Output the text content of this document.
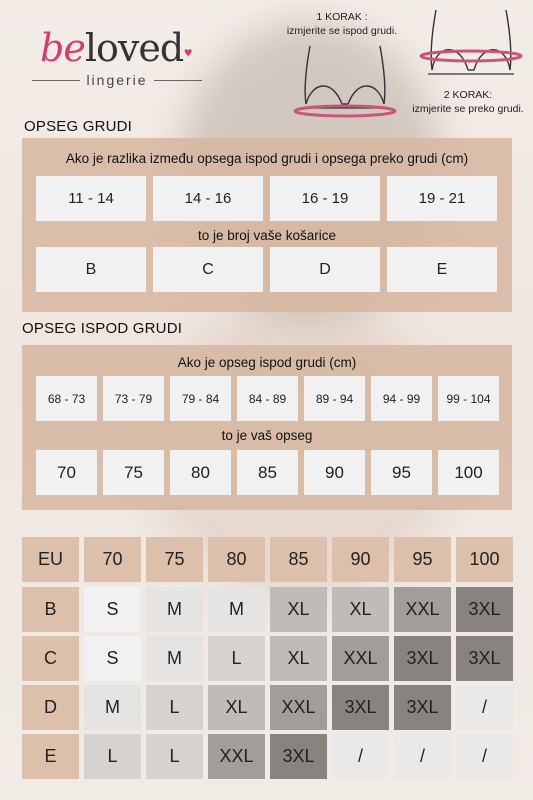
beloved ♥
lingerie
1 KORAK :
izmjerite se ispod grudi.
2 KORAK:
izmjerite se preko grudi.
OPSEG GRUDI
Ako je razlika između opsega ispod grudi i opsega preko grudi (cm)
11 - 14	14 - 16	16 - 19	19 - 21
to je broj vaše košarice
B	C	D	E
OPSEG ISPOD GRUDI
Ako je opseg ispod grudi (cm)
68 - 73	73 - 79	79 - 84	84 - 89	89 - 94	94 - 99	99 - 104
to je vaš opseg
70	75	80	85	90	95	100
EU	70	75	80	85	90	95	100
B	S	M	M	XL	XL	XXL	3XL
C	S	M	L	XL	XXL	3XL	3XL
D	M	L	XL	XXL	3XL	3XL	/
E	L	L	XXL	3XL	/	/	/
